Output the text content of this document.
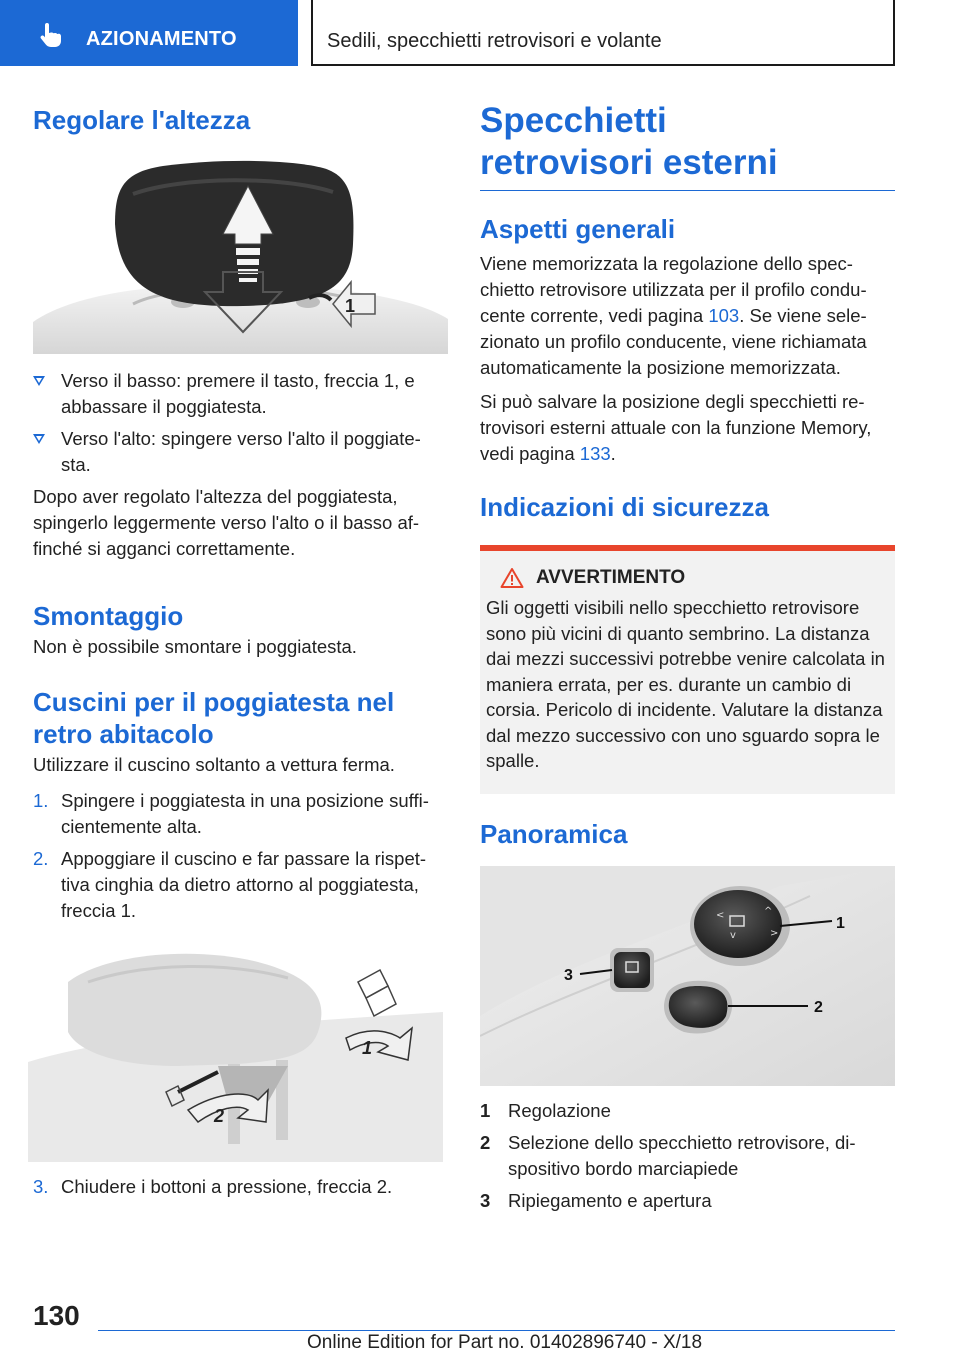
AZIONAMENTO	Sedili, specchietti retrovisori e volante
Regolare l'altezza
1
Verso il basso: premere il tasto, freccia 1, e abbassare il poggiatesta.
Verso l'alto: spingere verso l'alto il poggiate-sta.

Dopo aver regolato l'altezza del poggiatesta, spingerlo leggermente verso l'alto o il basso af-finché si agganci correttamente.

Smontaggio

Non è possibile smontare i poggiatesta.

Cuscini per il poggiatesta nel retro abitacolo

Utilizzare il cuscino soltanto a vettura ferma.

1. Spingere i poggiatesta in una posizione suffi-cientemente alta.
2. Appoggiare il cuscino e far passare la rispet-tiva cinghia da dietro attorno al poggiatesta, freccia 1.
1
2
3. Chiudere i bottoni a pressione, freccia 2.
Specchietti retrovisori esterni
Aspetti generali

Viene memorizzata la regolazione dello spec-chietto retrovisore utilizzata per il profilo condu-cente corrente, vedi pagina 103. Se viene sele-zionato un profilo conducente, viene richiamata automaticamente la posizione memorizzata.

Si può salvare la posizione degli specchietti re-trovisori esterni attuale con la funzione Memory, vedi pagina 133.

Indicazioni di sicurezza
AVVERTIMENTO

Gli oggetti visibili nello specchietto retrovisore sono più vicini di quanto sembrino. La distanza dai mezzi successivi potrebbe venire calcolata in maniera errata, per es. durante un cambio di corsia. Pericolo di incidente. Valutare la distanza dal mezzo successivo con uno sguardo sopra le spalle.

Panoramica
<	^
v	>
1
3
2
1 Regolazione
2 Selezione dello specchietto retrovisore, di-spositivo bordo marciapiede
3 Ripiegamento e apertura
130
Online Edition for Part no. 01402896740 - X/18
